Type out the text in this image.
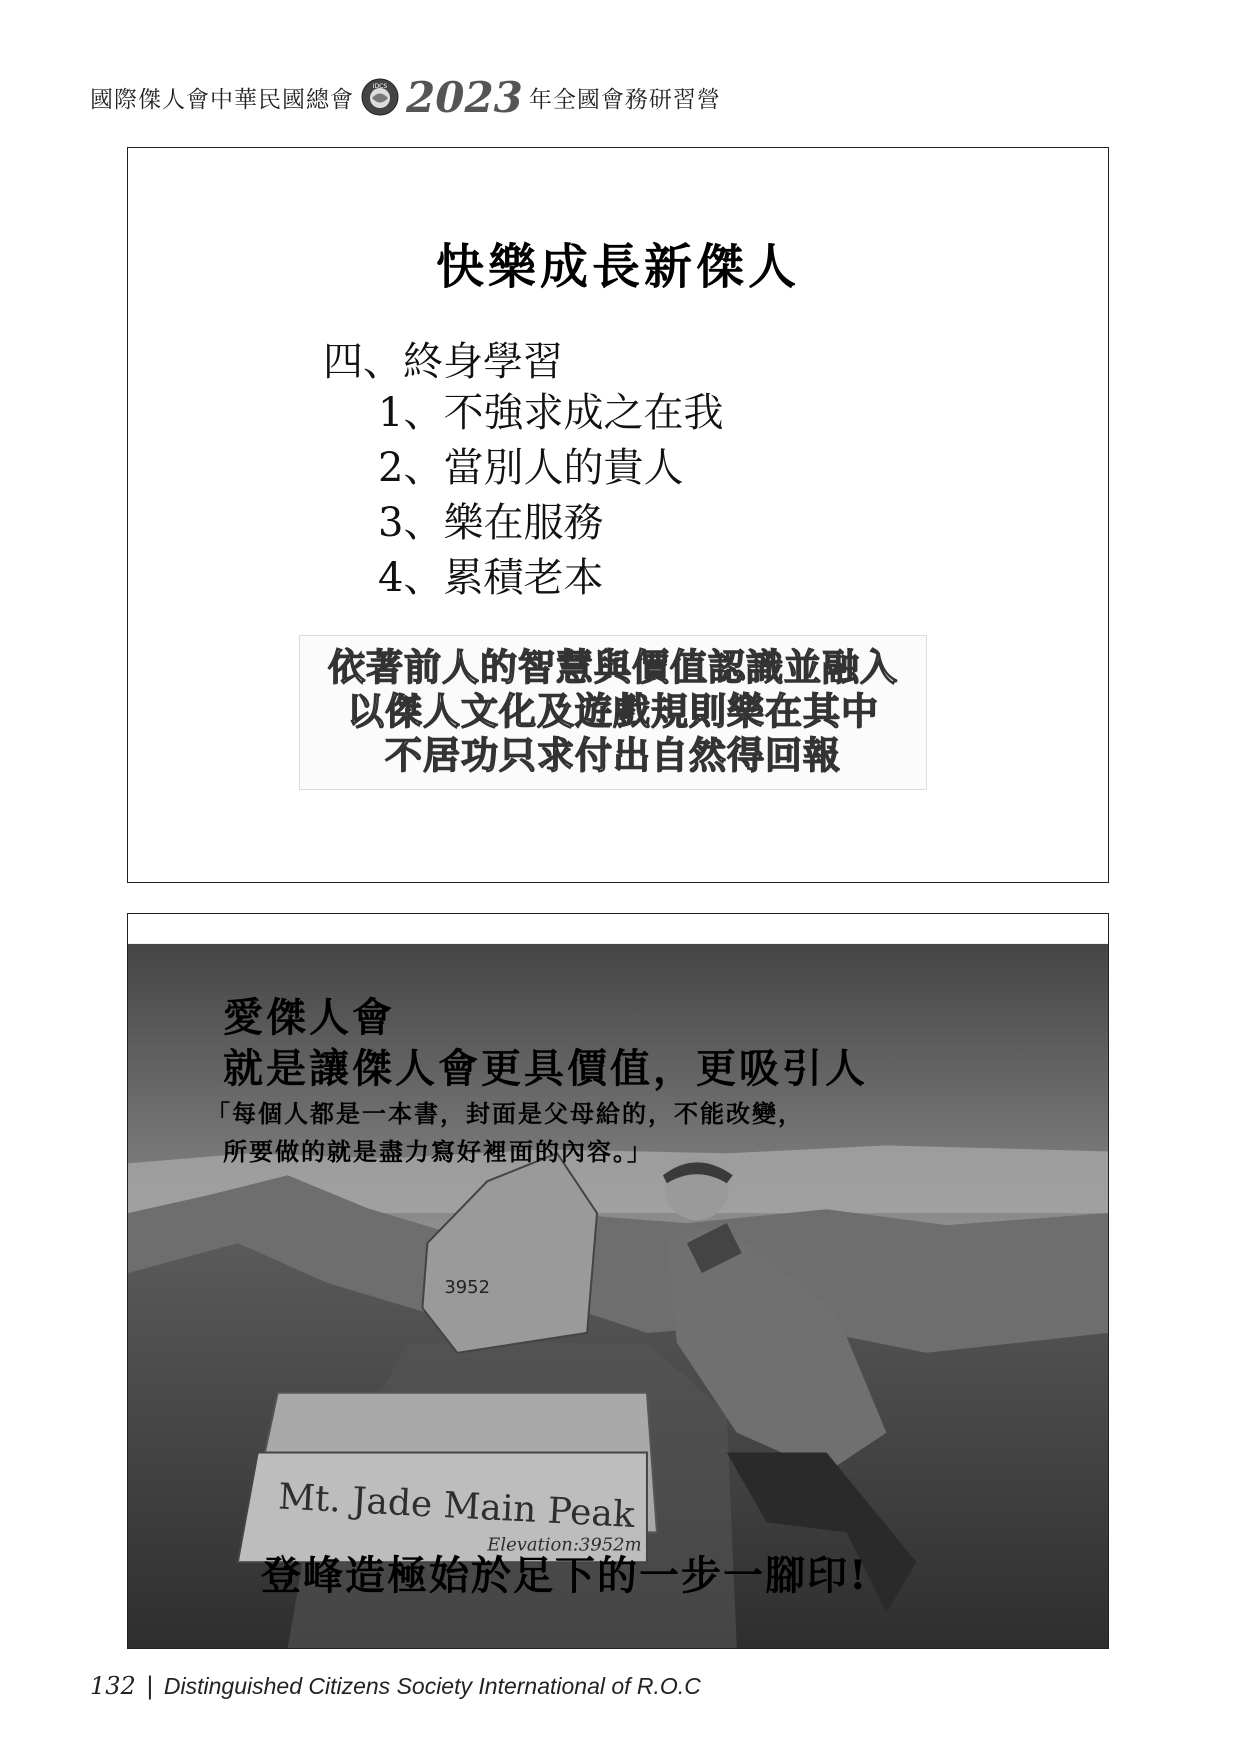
國際傑人會中華民國總會	IDCS 2023 年全國會務研習營
快樂成長新傑人
四、終身學習
1、不強求成之在我
2、當別人的貴人
3、樂在服務
4、累積老本
依著前人的智慧與價值認識並融入
以傑人文化及遊戲規則樂在其中
不居功只求付出自然得回報
3952
Mt. Jade Main Peak
Elevation:3952m
愛傑人會
就是讓傑人會更具價值，更吸引人
「每個人都是一本書，封面是父母給的，不能改變，
所要做的就是盡力寫好裡面的內容。」
登峰造極始於足下的一步一腳印!
132 | Distinguished Citizens Society International of R.O.C
